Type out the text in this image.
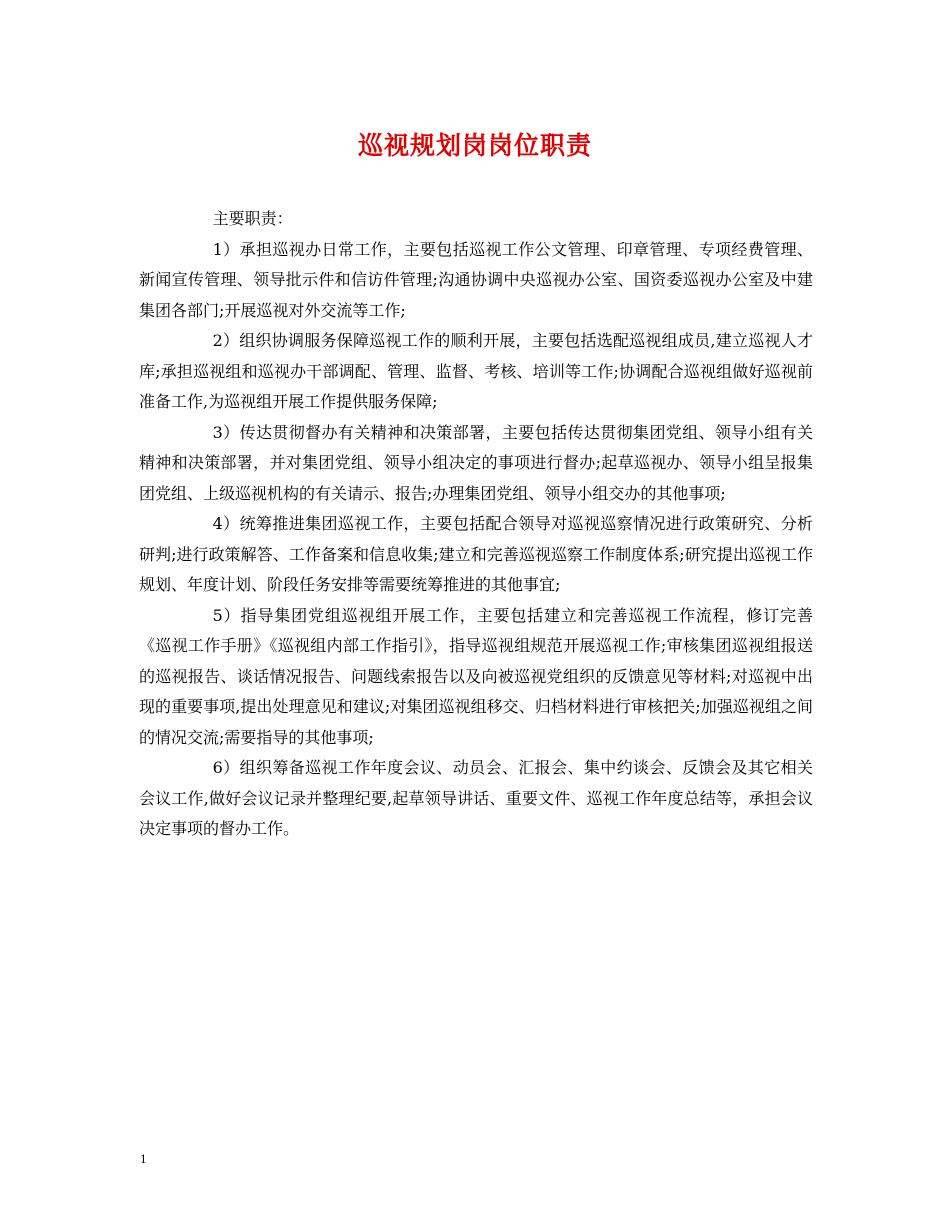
巡视规划岗岗位职责

主要职责：

1）承担巡视办日常工作，主要包括巡视工作公文管理、印章管理、专项经费管理、新闻宣传管理、领导批示件和信访件管理;沟通协调中央巡视办公室、国资委巡视办公室及中建集团各部门;开展巡视对外交流等工作;

2）组织协调服务保障巡视工作的顺利开展，主要包括选配巡视组成员,建立巡视人才库;承担巡视组和巡视办干部调配、管理、监督、考核、培训等工作;协调配合巡视组做好巡视前准备工作,为巡视组开展工作提供服务保障;

3）传达贯彻督办有关精神和决策部署，主要包括传达贯彻集团党组、领导小组有关精神和决策部署，并对集团党组、领导小组决定的事项进行督办;起草巡视办、领导小组呈报集团党组、上级巡视机构的有关请示、报告;办理集团党组、领导小组交办的其他事项;

4）统筹推进集团巡视工作，主要包括配合领导对巡视巡察情况进行政策研究、分析研判;进行政策解答、工作备案和信息收集;建立和完善巡视巡察工作制度体系;研究提出巡视工作规划、年度计划、阶段任务安排等需要统筹推进的其他事宜;

5）指导集团党组巡视组开展工作，主要包括建立和完善巡视工作流程，修订完善《巡视工作手册》《巡视组内部工作指引》，指导巡视组规范开展巡视工作;审核集团巡视组报送的巡视报告、谈话情况报告、问题线索报告以及向被巡视党组织的反馈意见等材料;对巡视中出现的重要事项,提出处理意见和建议;对集团巡视组移交、归档材料进行审核把关;加强巡视组之间的情况交流;需要指导的其他事项;

6）组织筹备巡视工作年度会议、动员会、汇报会、集中约谈会、反馈会及其它相关会议工作,做好会议记录并整理纪要,起草领导讲话、重要文件、巡视工作年度总结等，承担会议决定事项的督办工作。

1
